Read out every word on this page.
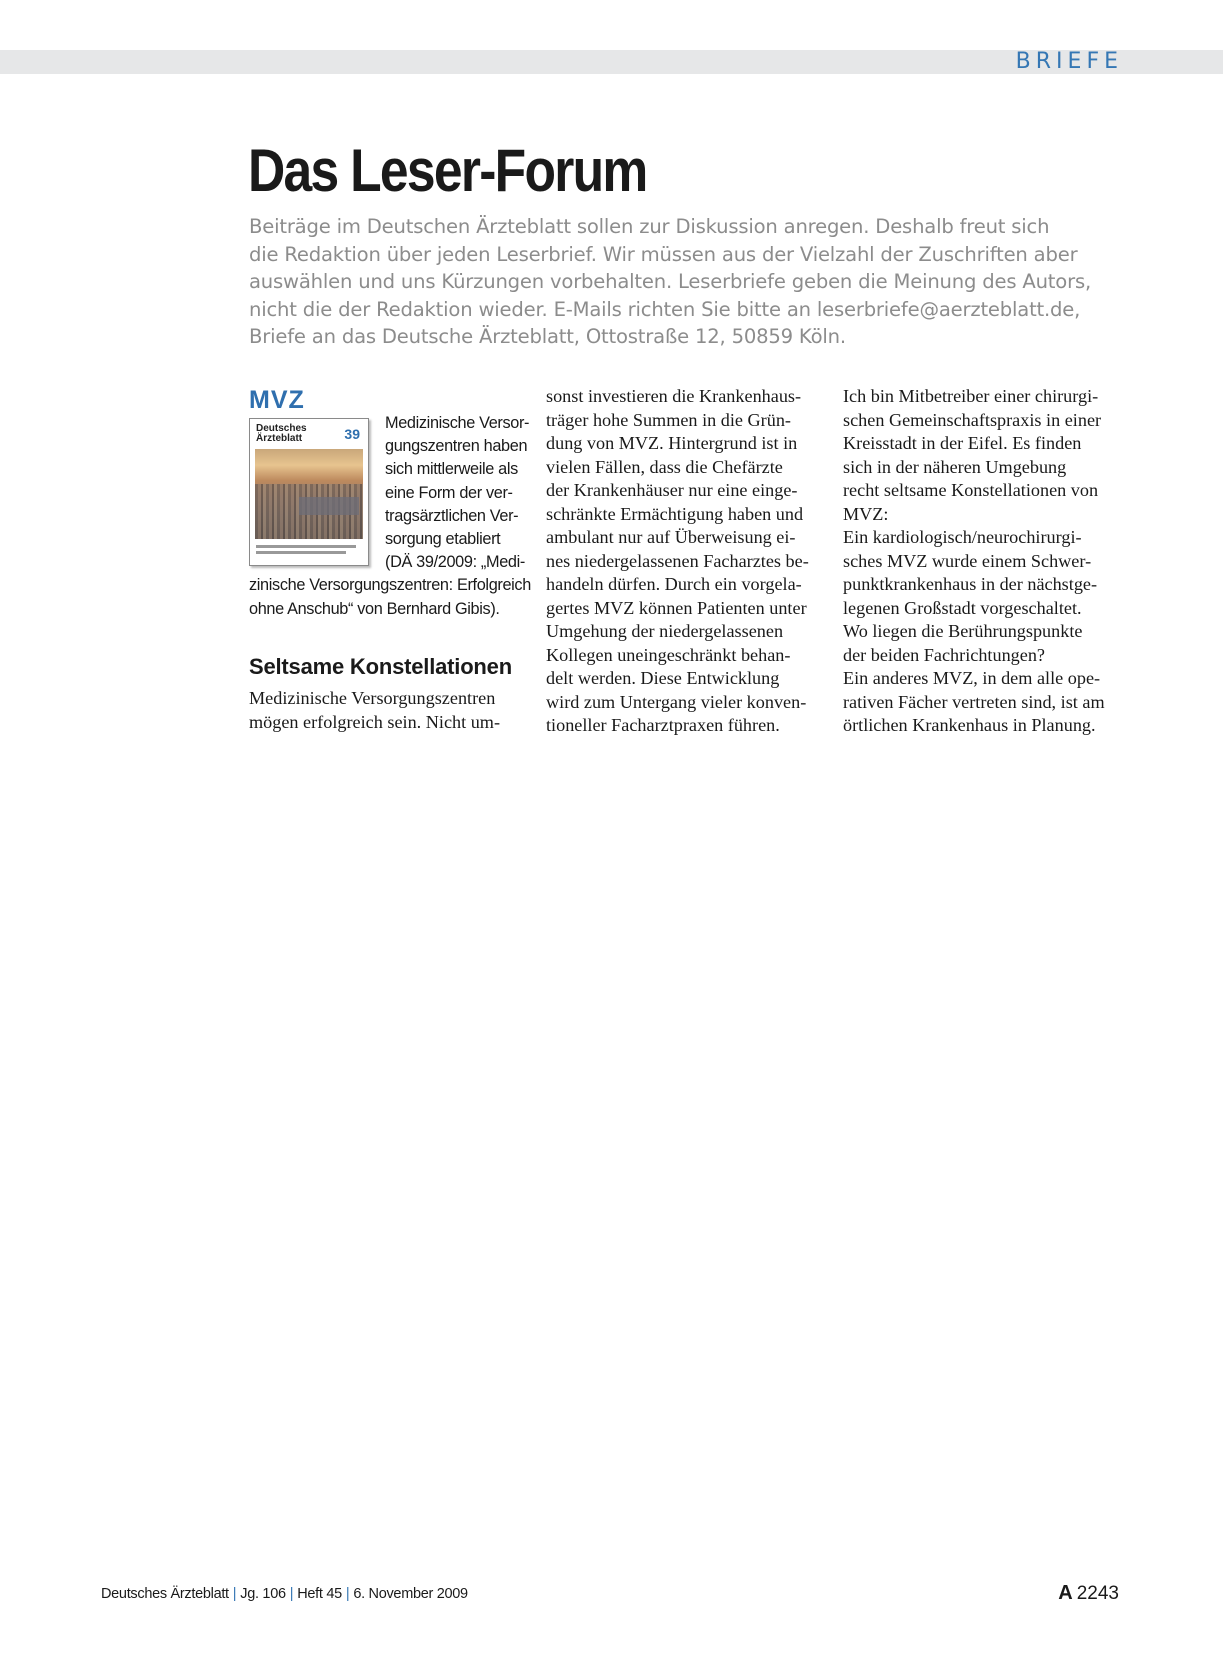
BRIEFE
Das Leser-Forum

Beiträge im Deutschen Ärzteblatt sollen zur Diskussion anregen. Deshalb freut sich

die Redaktion über jeden Leserbrief. Wir müssen aus der Vielzahl der Zuschriften aber

auswählen und uns Kürzungen vorbehalten. Leserbriefe geben die Meinung des Autors,

nicht die der Redaktion wieder. E-Mails richten Sie bitte an leserbriefe@aerzteblatt.de,

Briefe an das Deutsche Ärzteblatt, Ottostraße 12, 50859 Köln.

MVZ
Deutsches Ärzteblatt	39

Medizinische Versor-
gungszentren haben
sich mittlerweile als
eine Form der ver-
tragsärztlichen Ver-
sorgung etabliert
(DÄ 39/2009: „Medi-
zinische Versorgungszentren: Erfolgreich
ohne Anschub“ von Bernhard Gibis).

Seltsame Konstellationen

Medizinische Versorgungszentren
mögen erfolgreich sein. Nicht um-

sonst investieren die Krankenhaus-
träger hohe Summen in die Grün-
dung von MVZ. Hintergrund ist in
vielen Fällen, dass die Chefärzte
der Krankenhäuser nur eine einge-
schränkte Ermächtigung haben und
ambulant nur auf Überweisung ei-
nes niedergelassenen Facharztes be-
handeln dürfen. Durch ein vorgela-
gertes MVZ können Patienten unter
Umgehung der niedergelassenen
Kollegen uneingeschränkt behan-
delt werden. Diese Entwicklung
wird zum Untergang vieler konven-
tioneller Facharztpraxen führen.

Ich bin Mitbetreiber einer chirurgi-
schen Gemeinschaftspraxis in einer
Kreisstadt in der Eifel. Es finden
sich in der näheren Umgebung
recht seltsame Konstellationen von
MVZ:
Ein kardiologisch/neurochirurgi-
sches MVZ wurde einem Schwer-
punktkrankenhaus in der nächstge-
legenen Großstadt vorgeschaltet.
Wo liegen die Berührungspunkte
der beiden Fachrichtungen?
Ein anderes MVZ, in dem alle ope-
rativen Fächer vertreten sind, ist am
örtlichen Krankenhaus in Planung.

Deutsches Ärzteblatt | Jg. 106 | Heft 45 | 6. November 2009	A 2243
